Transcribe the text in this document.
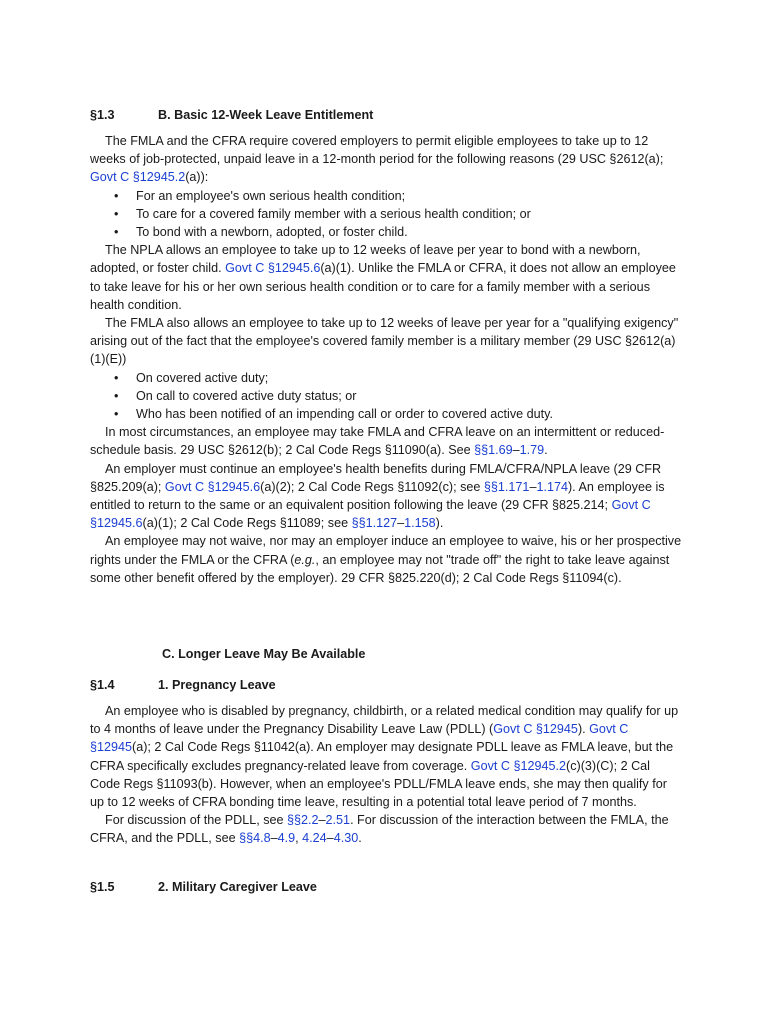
§1.3	B. Basic 12-Week Leave Entitlement

The FMLA and the CFRA require covered employers to permit eligible employees to take up to 12 weeks of job-protected, unpaid leave in a 12-month period for the following reasons (29 USC §2612(a); Govt C §12945.2(a)):

• For an employee's own serious health condition;
• To care for a covered family member with a serious health condition; or
• To bond with a newborn, adopted, or foster child.

The NPLA allows an employee to take up to 12 weeks of leave per year to bond with a newborn, adopted, or foster child. Govt C §12945.6(a)(1). Unlike the FMLA or CFRA, it does not allow an employee to take leave for his or her own serious health condition or to care for a family member with a serious health condition.

The FMLA also allows an employee to take up to 12 weeks of leave per year for a "qualifying exigency" arising out of the fact that the employee's covered family member is a military member (29 USC §2612(a)(1)(E))

• On covered active duty;
• On call to covered active duty status; or
• Who has been notified of an impending call or order to covered active duty.

In most circumstances, an employee may take FMLA and CFRA leave on an intermittent or reduced-schedule basis. 29 USC §2612(b); 2 Cal Code Regs §11090(a). See §§1.69–1.79.

An employer must continue an employee's health benefits during FMLA/CFRA/NPLA leave (29 CFR §825.209(a); Govt C §12945.6(a)(2); 2 Cal Code Regs §11092(c); see §§1.171–1.174). An employee is entitled to return to the same or an equivalent position following the leave (29 CFR §825.214; Govt C §12945.6(a)(1); 2 Cal Code Regs §11089; see §§1.127–1.158).

An employee may not waive, nor may an employer induce an employee to waive, his or her prospective rights under the FMLA or the CFRA (e.g., an employee may not "trade off" the right to take leave against some other benefit offered by the employer). 29 CFR §825.220(d); 2 Cal Code Regs §11094(c).

C. Longer Leave May Be Available
§1.4	1. Pregnancy Leave

An employee who is disabled by pregnancy, childbirth, or a related medical condition may qualify for up to 4 months of leave under the Pregnancy Disability Leave Law (PDLL) (Govt C §12945). Govt C §12945(a); 2 Cal Code Regs §11042(a). An employer may designate PDLL leave as FMLA leave, but the CFRA specifically excludes pregnancy-related leave from coverage. Govt C §12945.2(c)(3)(C); 2 Cal Code Regs §11093(b). However, when an employee's PDLL/FMLA leave ends, she may then qualify for up to 12 weeks of CFRA bonding time leave, resulting in a potential total leave period of 7 months.

For discussion of the PDLL, see §§2.2–2.51. For discussion of the interaction between the FMLA, the CFRA, and the PDLL, see §§4.8–4.9, 4.24–4.30.

§1.5	2. Military Caregiver Leave
